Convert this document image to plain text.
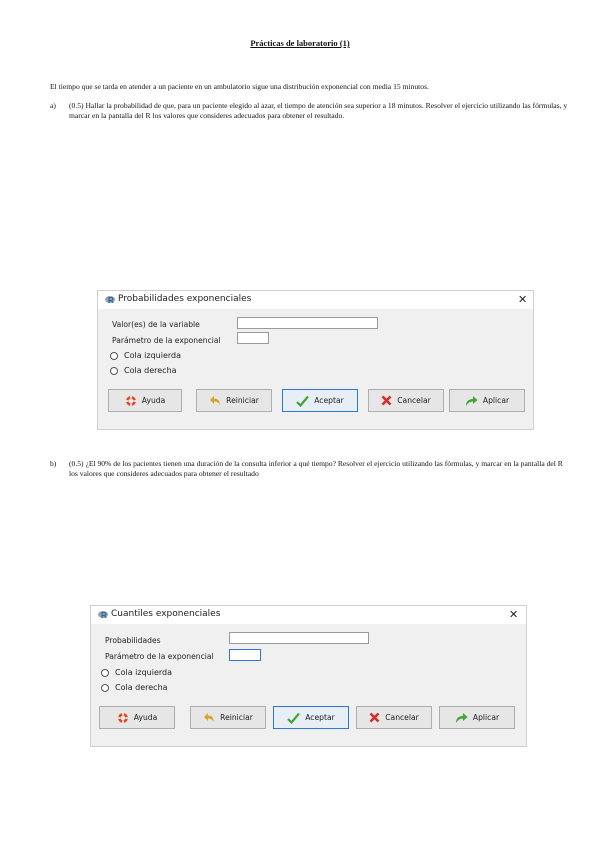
Prácticas de laboratorio (1)
El tiempo que se tarda en atender a un paciente en un ambulatorio sigue una distribución exponencial con media 15 minutos.
a) (0.5) Hallar la probabilidad de que, para un paciente elegido al azar, el tiempo de atención sea superior a 18 minutos. Resolver el ejercicio utilizando las fórmulas, y marcar en la pantalla del R los valores que consideres adecuados para obtener el resultado.
b) (0.5) ¿El 90% de los pacientes tienen una duración de la consulta inferior a qué tiempo? Resolver el ejercicio utilizando las fórmulas, y marcar en la pantalla del R los valores que consideres adecuados para obtener el resultado
R Probabilidades exponenciales	✕
Valor(es) de la variable
Parámetro de la exponencial
Cola izquierda
Cola derecha
Ayuda	Reiniciar	Aceptar	Cancelar	Aplicar
R Cuantiles exponenciales	✕
Probabilidades
Parámetro de la exponencial
Cola izquierda
Cola derecha
Ayuda	Reiniciar	Aceptar	Cancelar	Aplicar
